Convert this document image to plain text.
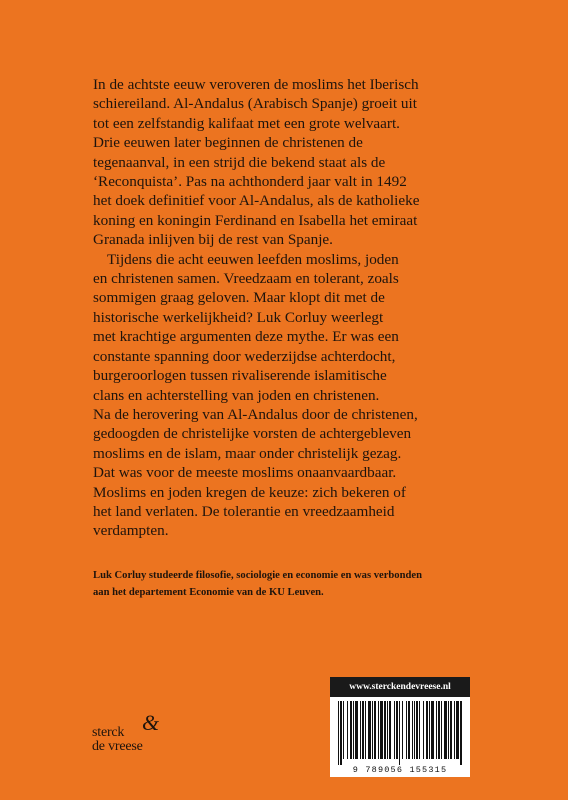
In de achtste eeuw veroveren de moslims het Iberisch
schiereiland. Al-Andalus (Arabisch Spanje) groeit uit
tot een zelfstandig kalifaat met een grote welvaart.
Drie eeuwen later beginnen de christenen de
tegenaanval, in een strijd die bekend staat als de
‘Reconquista’. Pas na achthonderd jaar valt in 1492
het doek definitief voor Al-Andalus, als de katholieke
koning en koningin Ferdinand en Isabella het emiraat
Granada inlijven bij de rest van Spanje.

Tijdens die acht eeuwen leefden moslims, joden
en christenen samen. Vreedzaam en tolerant, zoals
sommigen graag geloven. Maar klopt dit met de
historische werkelijkheid? Luk Corluy weerlegt
met krachtige argumenten deze mythe. Er was een
constante spanning door wederzijdse achterdocht,
burgeroorlogen tussen rivaliserende islamitische
clans en achterstelling van joden en christenen.
Na de herovering van Al-Andalus door de christenen,
gedoogden de christelijke vorsten de achtergebleven
moslims en de islam, maar onder christelijk gezag.
Dat was voor de meeste moslims onaanvaardbaar.
Moslims en joden kregen de keuze: zich bekeren of
het land verlaten. De tolerantie en vreedzaamheid
verdampten.

Luk Corluy studeerde filosofie, sociologie en economie en was verbonden
aan het departement Economie van de KU Leuven.

sterck &
de vreese
www.sterckendevreese.nl
9 789056 155315
